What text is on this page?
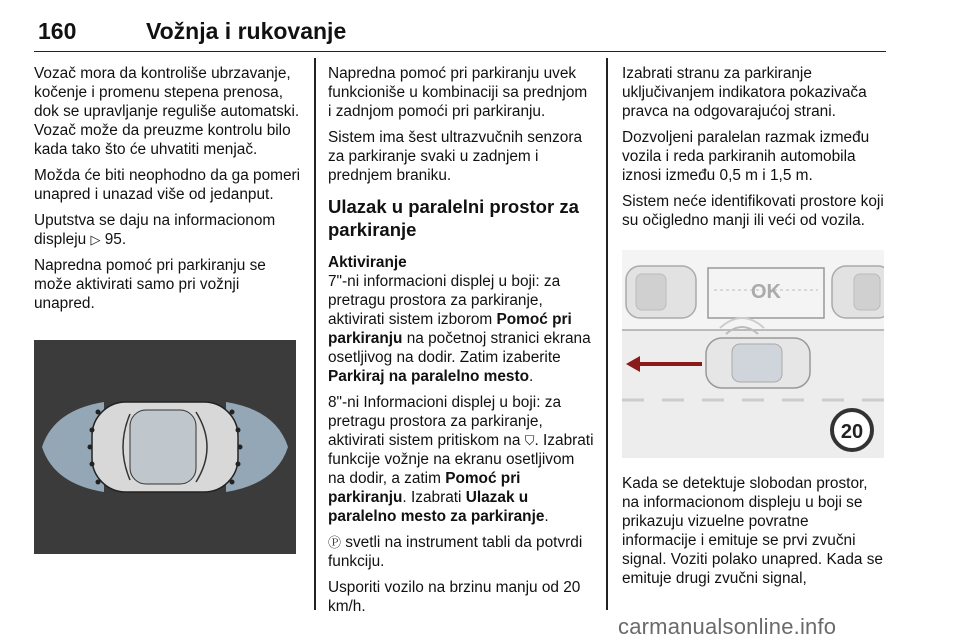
160	Vožnja i rukovanje

Vozač mora da kontroliše ubrzavanje, kočenje i promenu stepena prenosa, dok se upravljanje reguliše automatski. Vozač može da preuzme kontrolu bilo kada tako što će uhvatiti menjač.

Možda će biti neophodno da ga pomeri unapred i unazad više od jedanput.

Uputstva se daju na informacionom displeju ▷ 95.

Napredna pomoć pri parkiranju se može aktivirati samo pri vožnji unapred.

Napredna pomoć pri parkiranju uvek funkcioniše u kombinaciji sa prednjom i zadnjom pomoći pri parkiranju.

Sistem ima šest ultrazvučnih senzora za parkiranje svaki u zadnjem i prednjem braniku.

Ulazak u paralelni prostor za parkiranje
Aktiviranje

7"-ni informacioni displej u boji: za pretragu prostora za parkiranje, aktivirati sistem izborom Pomoć pri parkiranju na početnoj stranici ekrana osetljivog na dodir. Zatim izaberite Parkiraj na paralelno mesto.

8"-ni Informacioni displej u boji: za pretragu prostora za parkiranje, aktivirati sistem pritiskom na ⛉. Izabrati funkcije vožnje na ekranu osetljivom na dodir, a zatim Pomoć pri parkiranju. Izabrati Ulazak u paralelno mesto za parkiranje.

Ⓟ svetli na instrument tabli da potvrdi funkciju.

Usporiti vozilo na brzinu manju od 20 km/h.

Izabrati stranu za parkiranje uključivanjem indikatora pokazivača pravca na odgovarajućoj strani.

Dozvoljeni paralelan razmak između vozila i reda parkiranih automobila iznosi između 0,5 m i 1,5 m.

Sistem neće identifikovati prostore koji su očigledno manji ili veći od vozila.

OK
20

Kada se detektuje slobodan prostor, na informacionom displeju u boji se prikazuju vizuelne povratne informacije i emituje se prvi zvučni signal. Voziti polako unapred. Kada se emituje drugi zvučni signal,

carmanualsonline.info
